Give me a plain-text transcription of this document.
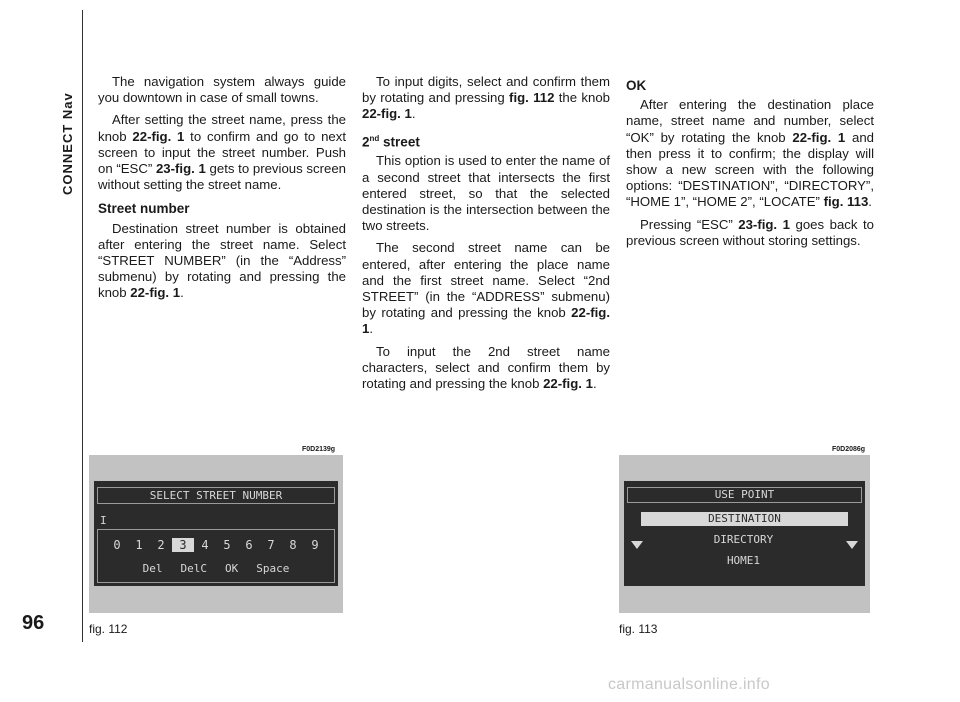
CONNECT Nav
96

The navigation system always guide you downtown in case of small towns.

After setting the street name, press the knob 22-fig. 1 to confirm and go to next screen to input the street number. Push on “ESC” 23-fig. 1 gets to previous screen without setting the street name.

Street number

Destination street number is obtained after entering the street name. Select “STREET NUMBER” (in the “Address” submenu) by rotating and pressing the knob 22-fig. 1.

To input digits, select and confirm them by rotating and pressing fig. 112 the knob 22-fig. 1.

2nd street

This option is used to enter the name of a second street that intersects the first entered street, so that the selected destination is the intersection between the two streets.

The second street name can be entered, after entering the place name and the first street name. Select “2nd STREET” (in the “ADDRESS” submenu) by rotating and pressing the knob 22-fig. 1.

To input the 2nd street name characters, select and confirm them by rotating and pressing the knob 22-fig. 1.

OK

After entering the destination place name, street name and number, select “OK” by rotating the knob 22-fig. 1 and then press it to confirm; the display will show a new screen with the following options: “DESTINATION”, “DIRECTORY”, “HOME 1”, “HOME 2”, “LOCATE” fig. 113.

Pressing “ESC” 23-fig. 1 goes back to previous screen without storing settings.

F0D2139g
SELECT STREET NUMBER
I
0 1 2 3 4 5 6 7 8 9
Del DelC OK Space
fig. 112
F0D2086g
USE POINT
DESTINATION
DIRECTORY
HOME1
fig. 113
carmanualsonline.info
